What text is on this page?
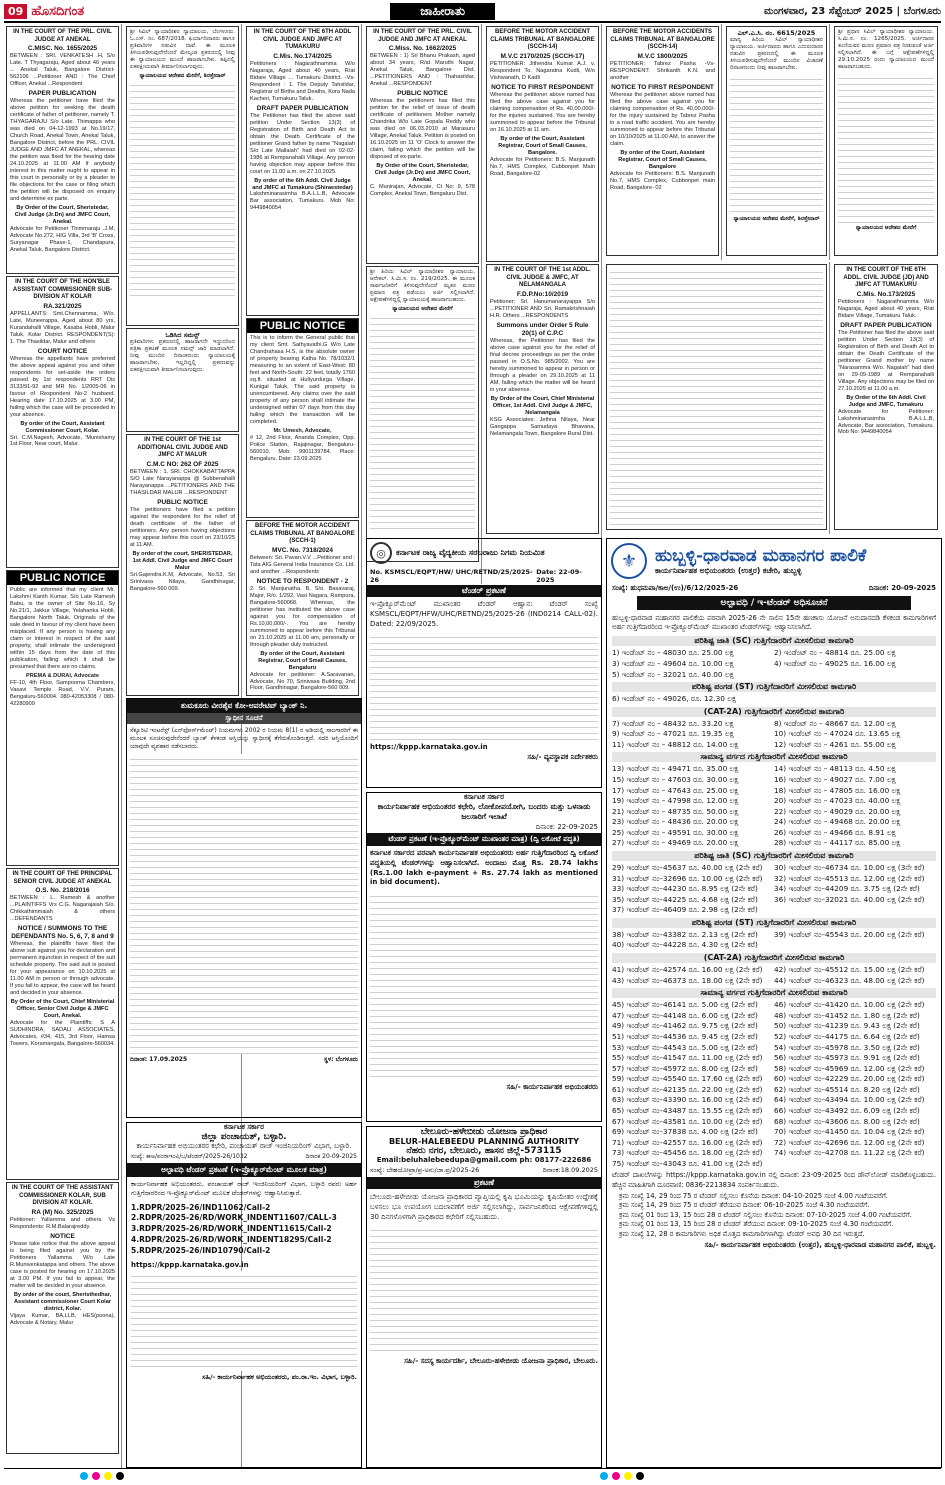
09 ಹೊಸದಿಗಂತ	ಜಾಹೀರಾತು	ಮಂಗಳವಾರ, 23 ಸೆಪ್ಟೆಂಬರ್ 2025 | ಬೆಂಗಳೂರು
IN THE COURT OF THE PRL. CIVIL JUDGE AT ANEKAL
C.MISC. No. 1655/2025

BETWEEN : SRI. VENKATESH .H, S/o Late. T Thyagaraju, Aged about 46 years ... Anekal Taluk, Bangalore District-562106 ...Petitioner AND : The Chief Officer, Anekal ...Respondent

PAPER PUBLICATION

Whereas the petitioner have filed the above petition for seeking the death certificate of father of petitioner, namely T. THYAGARAJU S/o Late. Thimappa who was died on 04-12-1993 at No.19/17, Church Road, Anekal Town, Anekal Taluk, Bangalore District, before the PRL. CIVIL JUDGE AND JMFC AT ANEKAL, whereas the petition was fixed for the hearing date 24.10.2025 at 11.00 AM if anybody interest in this matter ought to appear in this court in personally or by a pleader to file objections for the case or filing which the petition will be disposed on enquiry and determine ex parte.

By Order of the Court, Sheristedar, Civil Judge (Jr.Dn) and JMFC Court, Anekal.
Advocate for Petitioner Thimmaraju .J.M, Advocate No.272, HIG Villa, 3rd 'B' Cross, Suryanagar Phase-1, Chandapura, Anekal Taluk, Bangalore District.
IN THE COURT OF THE HON'BLE ASSISTANT COMMISSIONER SUB-DIVISION AT KOLAR
RA.321/2025

APPELLANTS: Smt.Chennamma, W/o. Late, Muneerappa, Aged about 80 yrs, Kurandahalli Village, Kasaba Hobli, Malur Taluk, Kolar District. RESPONDENT(S): 1. The Thasildar, Malur and others

COURT NOTICE

Whereas the appellants have preferred the above appeal against you and other respondents for set-aside the orders passed by 1st respondents RRT Dis 3133/91-92 and MR No. 1/2005-06 in favour of Respondent No-2 husband. Hearing date 17.10.2025 at 3.00 PM, failing which the case will be proceeded in your absence.

By order of the Court, Assistant Commissioner Court, Kolar.
Sri. C.M.Nagesh, Advocate, 'Munishamy 1st Floor, Near court, Malur.
PUBLIC NOTICE

Public are informed that my client Mr. Lakshmi Kanth Kumar, S/o Late Ramesh Babu, is the owner of Site No.16, Sy No.21/1, Jakkur Village, Yelahanka Hobli, Bangalore North Taluk. Originals of the sale deed in favour of my client have been misplaced. If any person is having any claim or interest in respect of the said property, shall intimate the undersigned within 15 days from the date of this publication, failing which it shall be presumed that there are no claims.

PREMA & DURAI, Advocate

FF-10, 4th Floor, Sampoorna Chambers, Vasavi Temple Road, V.V. Puram, Bengaluru-560004. 080-42053308 / 080-42280909

IN THE COURT OF THE PRINCIPAL SENIOR CIVIL JUDGE AT ANEKAL
O.S. No. 218/2016

BETWEEN : L. Ramesh & another ...PLAINTIFFS Vrs C.G. Nagarajaiah S/o. Chikkathimmaiah & others ...DEFENDANTS

NOTICE / SUMMONS TO THE DEFENDANTS No. 5, 6, 7, 8 and 9

Whereas, the plaintiffs have filed the above suit against you for declaration and permanent injunction in respect of the suit schedule property. The said suit is posted for your appearance on 10.10.2025 at 11.00 AM in person or through advocate. If you fail to appear, the case will be heard and decided in your absence.

By Order of the Court, Chief Ministerial Officer, Senior Civil Judge & JMFC Court, Anekal.
Advocate for the Plaintiffs: S A SUDHINDRA, SADALI ASSOCIATES, Advocates, #34, 415, 3rd Floor, Hamsa Towers, Koramangala, Bangalore-560034.
IN THE COURT OF THE ASSISTANT COMMISSIONER KOLAR, SUB DIVISION AT KOLAR.
RA (M) No. 325/2025

Petitioner: Yallamma and others. Vs Respondents: R.M.Balarajreddy.

NOTICE

Please take notice that the above appeal is being filed against you by the Petitioners Yallamma W/o Late R.Munivenkatappa and others. The above case is posted for hearing on 17.10.2025 at 3.00 PM. If you fail to appear, the matter will be decided in your absence.

By order of the court, Sheristhedhar, Assistant commissioner Court Kolar district, Kolar.
Vijaya Kumar, BA,LLB, HES(poona), Advocate & Notary, Malur

ಶ್ರೀ ಸಿವಿಲ್ ನ್ಯಾಯಾಧೀಶರ ನ್ಯಾಯಾಲಯ, ಬೆಂಗಳೂರು. ಓ.ಎಸ್. ನಂ. 687/2018. ಫಿರ್ಯಾದಿದಾರರು ಹಾಗೂ ಪ್ರತಿವಾದಿಗಳ ನಡುವಿನ ದಾವೆ. ಈ ಮೂಲಕ ತಿಳಿಯಪಡಿಸುವುದೇನೆಂದರೆ ಮೇಲ್ಕಂಡ ಪ್ರಕರಣದಲ್ಲಿ ನೀವು ಈ ನ್ಯಾಯಾಲಯದ ಮುಂದೆ ಹಾಜರಾಗಬೇಕು. ತಪ್ಪಿದಲ್ಲಿ ಏಕಪಕ್ಷೀಯವಾಗಿ ತೀರ್ಮಾನಿಸಲಾಗುವುದು.

ನ್ಯಾಯಾಲಯದ ಆದೇಶದ ಮೇರೆಗೆ, ಶಿರಸ್ತೇದಾರ್
ಒಡಿಸಿದ ಸಮನ್ಸ್

ಪ್ರತಿವಾದಿಗಳು ಪ್ರಕರಣದಲ್ಲಿ ಹಾಜರಾಗದೇ ಇದ್ದುದರಿಂದ ಪತ್ರಿಕಾ ಪ್ರಕಟಣೆ ಮೂಲಕ ಸಮನ್ಸ್ ಜಾರಿ ಮಾಡಲಾಗಿದೆ. ನೀವು ಮುಂದಿನ ದಿನಾಂಕದಂದು ನ್ಯಾಯಾಲಯಕ್ಕೆ ಹಾಜರಾಗಬೇಕು, ಇಲ್ಲದಿದ್ದಲ್ಲಿ ಪ್ರಕರಣವನ್ನು ಏಕಪಕ್ಷೀಯವಾಗಿ ತೀರ್ಮಾನಿಸಲಾಗುವುದು.

IN THE COURT OF THE 1st ADDITIONAL CIVIL JUDGE AND JMFC AT MALUR
C.M.C NO: 262 OF 2025

BETWEEN : 1. SRI. CHOKKABATTAPPA S/O Late Narayanappa @ Subbenahalli Narayanappa ...PETITIONERS AND THE THASILDAR MALUR ...RESPONDENT

PUBLIC NOTICE

The petitioners have filed a petition against the respondent for the relief of death certificate of the father of petitioners. Any person having objections may appear before this court on 23/10/25 at 11 AM.

By order of the court, SHERISTEDAR, 1st Addl. Civil Judge and JMFC Court Malur
Sri.Gajendra.K.M, Advocate, No.53, Sri Srinivasa Nilaya, Gandhinagar, Bangalore-560 009.
IN THE COURT OF THE 6TH ADDL CIVIL JUDGE AND JMFC AT TUMAKURU
C.Mis. No.174/2025

Petitioners : Nagarathnamma W/o Nagaraja, Aged about 40 years, R/at Bidare Village ... Tumakuru District. -Vs- Respondent : 1. The Deputy Tahsildar, Registrar of Births and Deaths, Kora Nada Kacheri, Tumakuru Taluk.

DRAFT PAPER PUBLICATION

The Petitioner has filed the above said petition Under Section 13(3) of Registration of Birth and Death Act to obtain the Death Certificate of the petitioner Grand father by name "Nagaiah S/o Late Mallaiah" had died on 02-02-1986 at Rempanahalli Village. Any person having objection may appear before this court on 11.00 a.m. on 27.10.2025.

By order of the 6th Addl. Civil Judge and JMFC at Tumakuru (Shiraestedar)
Lakshminarasimha B.A.L.L.B, Advocate Bar association, Tumakuru. Mob No: 9449840054
PUBLIC NOTICE

This is to inform the General public that my client Smt. Sathyavathi.G W/o Late Chandrahasa H.S, is the absolute owner of property bearing Katha No. 78/1032/1 measuring to an extent of East-West: 80 feet and North-South: 22 feet, totally 1760 sq.ft. situated at Huliyurdurga Village, Kunigal Taluk. The said property is unencumbered. Any claims over the said property of any person shall intimate the undersigned within 07 days from this day failing which the transaction will be completed.

Mr. Umesh, Advocate,

# 12, 2nd Floor, Ananda Complex, Opp. Police Station, Rajajinagar, Bengaluru-560010. Mob: 9901139784. Place: Bengaluru. Date: 23.09.2025

BEFORE THE MOTOR ACCIDENT CLAIMS TRIBUNAL AT BANGALORE (SCCH-1)
MVC. No. 7318/2024

Between: Sri. Pavan.V.V ...Petitioner and : Tata AIG General India Insurance Co. Ltd. and another ...Respondents

NOTICE TO RESPONDENT - 2

2. Sri. Manjunatha. B, S/o. Basavaraj, Major, R/o. 1/292, Vasi Nagara, Rampura, Bangalore-560068. Whereas, the petitioner has instituted the above case against you for compensation of Rs.10,00,000/-. You are hereby summoned to appear before this Tribunal on 21.10.2025 at 11.00 am, personally or through pleader duly instructed.

By order of the Court, Assistant Registrar, Court of Small Causes, Bengaluru
Advocate for petitioner: A.Saravanan, Advocate, No 70, Srinivasa Building, 2nd Floor, Gandhinagar, Bangalore-560 009.
ತುಮಕೂರು ವೀರಶೈವ ಕೋ-ಆಪರೇಟಿವ್ ಬ್ಯಾಂಕ್ ನಿ.
ಸ್ವಾಧೀನ ಸೂಚನೆ
ಸೆಕ್ಯೂರಿಟಿ ಇಂಟರೆಸ್ಟ್ (ಎನ್‌ಫೋರ್ಸ್‌ಮೆಂಟ್) ನಿಯಮಗಳು 2002 ರ ನಿಯಮ 8(1) ರ ಅಡಿಯಲ್ಲಿ ಸಾಲಗಾರರಿಗೆ ಈ ಮೂಲಕ ಸೂಚಿಸುವುದೇನೆಂದರೆ ಬ್ಯಾಂಕ್ ಕೆಳಕಂಡ ಆಸ್ತಿಯನ್ನು ಸ್ವಾಧೀನಕ್ಕೆ ತೆಗೆದುಕೊಂಡಿರುತ್ತದೆ. ಸದರಿ ಆಸ್ತಿಯೊಂದಿಗೆ ಯಾವುದೇ ವ್ಯವಹಾರ ನಡೆಸಬಾರದು.
ದಿನಾಂಕ: 17.09.2025	ಸ್ಥಳ: ಬೆಂಗಳೂರು
ಕರ್ನಾಟಕ ಸರ್ಕಾರ
ಜಿಲ್ಲಾ ಪಂಚಾಯತ್, ಬಳ್ಳಾರಿ.
ಕಾರ್ಯನಿರ್ವಾಹಕ ಅಭಿಯಂತರರ ಕಛೇರಿ, ಪಂಚಾಯತ್ ರಾಜ್ ಇಂಜಿನಿಯರಿಂಗ್ ವಿಭಾಗ, ಬಳ್ಳಾರಿ.
ಸಂಖ್ಯೆ: ಕಾಅ/ಪಂರಾಇಂವಿ/ಬ/ಟೆಂಡರ್/2025-26/1032	ದಿನಾಂಕ 20-09-2025
ಅಲ್ಪಾವಧಿ ಟೆಂಡರ್ ಪ್ರಕಟಣೆ (ಇ-ಪ್ರೊಕ್ಯೂರ್‌ಮೆಂಟ್ ಮೂಲಕ ಮಾತ್ರ)
ಕಾರ್ಯನಿರ್ವಾಹಕ ಅಭಿಯಂತರರು, ಪಂಚಾಯತ್ ರಾಜ್ ಇಂಜಿನಿಯರಿಂಗ್ ವಿಭಾಗ, ಬಳ್ಳಾರಿ ರವರು ಅರ್ಹ ಗುತ್ತಿಗೆದಾರರಿಂದ ಇ-ಪ್ರೊಕ್ಯೂರ್‌ಮೆಂಟ್ ಮೂಲಕ ಟೆಂಡರ್‌ಗಳನ್ನು ಆಹ್ವಾನಿಸಿರುತ್ತಾರೆ.
1.RDPR/2025-26/IND11062/Call-2
2.RDPR/2025-26/RD/WORK_INDENT11607/CALL-3
3.RDPR/2025-26/RD/WORK_INDENT11615/Call-2
4.RDPR/2025-26/RD/WORK_INDENT18295/Call-2
5.RDPR/2025-26/IND10790/Call-2
https://kppp.karnataka.gov.in
ಸಹಿ/- ಕಾರ್ಯನಿರ್ವಾಹಕ ಅಭಿಯಂತರರು, ಪಂ.ರಾ.ಇಂ. ವಿಭಾಗ, ಬಳ್ಳಾರಿ.
IN THE COURT OF THE PRL. CIVIL JUDGE AND JMFC AT ANEKAL
C.Miss. No. 1662/2025

BETWEEN : 1) Sri Bhanu Prakash, aged about 34 years, R/at Maruthi Nagar, Anekal Taluk, Bangalore Dist. ...PETITIONERS AND : Thahasildar, Anekal ...RESPONDENT

PUBLIC NOTICE

Whereas the petitioners has filed this petition for the relief of issue of death certificate of petitioners Mother namely Chandrika W/o Late Gopala Reddy who was died on 06.03.2010 at Marasuru Village, Anekal Taluk. Petition is posted on 16.10.2025 on 11 'O' Clock to answer the claim, failing which the petition will be disposed of ex-parte.

By Order of the Court, Sheristedar, Civil Judge (Jr.Dn) and JMFC Court, Anekal.
C. Munirajan, Advocate, Ct No: 9, 578 Complex, Anekal Town, Bengaluru Dist.

ಶ್ರೀ ಹಿರಿಯ ಸಿವಿಲ್ ನ್ಯಾಯಾಧೀಶರ ನ್ಯಾಯಾಲಯ, ಆನೇಕಲ್. ಸಿ.ಮಿ.ಸ. ನಂ. 219/2025. ಈ ಮೂಲಕ ಸಾರ್ವಜನಿಕರಿಗೆ ತಿಳಿಸುವುದೇನೆಂದರೆ ಮೃತರ ಮರಣ ಪ್ರಮಾಣ ಪತ್ರ ಪಡೆಯಲು ಅರ್ಜಿ ಸಲ್ಲಿಸಲಾಗಿದೆ. ಆಕ್ಷೇಪಣೆಗಳಿದ್ದಲ್ಲಿ ನ್ಯಾಯಾಲಯಕ್ಕೆ ಹಾಜರಾಗಬಹುದು.

ನ್ಯಾಯಾಲಯದ ಆದೇಶದ ಮೇರೆಗೆ
BEFORE THE MOTOR ACCIDENT CLAIMS TRIBUNAL AT BANGALORE (SCCH-14)
M.V.C 2170/2025 (SCCH-17)

PETITIONER: Jithendra Kumar A.J. v. Respondent To. Nagaratna Kudli, W/o Vishwanath, D Kadli

NOTICE TO FIRST RESPONDENT

Whereas the petitioner above named has filed the above case against you for claiming compensation of Rs. 40,00,000/- for the injuries sustained. You are hereby summoned to appear before the Tribunal on 16.10.2025 at 11 am.

By order of the Court, Assistant Registrar, Court of Small Causes, Bangalore.
Advocate for Petitioners: B.S. Manjunath No.7, HMS Complex, Cubbonpet Main Road, Bangalore-02
IN THE COURT OF THE 1st ADDL. CIVIL JUDGE & JMFC, AT NELAMANGALA
F.D.P.No:10/2019

Petitioner: Sri. Hanumanarayappa S/o ...PETITIONER AND Sri. Ramakrishnaiah H.R. Others ...RESPONDENTS

Summons under Order 5 Rule 20(1) of C.P.C

Whereas, the Petitioner has filed the above case against you for the relief of final decree proceedings as per the order passed in O.S.No. 985/2002. You are hereby summoned to appear in person or through a pleader on 29.10.2025 at 11 AM, failing which the matter will be heard in your absence.

By Order of the Court, Chief Ministerial Officer, 1st Addl. Civil Judge & JMFC, Nelamangala
KSG Associates: Jethna Nilaya, Near Gangappa Samudaya Bhavana, Nelamangala Town, Bangalore Rural Dist.
BEFORE THE MOTOR ACCIDENTS CLAIMS TRIBUNAL AT BANGALORE (SCCH-14)
M.V.C 1800/2025

PETITIONER: Tabrez Pasha -Vs- RESPONDENT: Shrikanth K.N. and another

NOTICE TO FIRST RESPONDENT

Whereas the petitioner above named has filed the above case against you for claiming compensation of Rs. 40,00,000/- for the injury sustained by Tabrez Pasha in a road traffic accident. You are hereby summoned to appear before this Tribunal on 10/10/2025 at 11.00 AM, to answer the claim.

By order of the Court, Assistant Registrar, Court of Small Causes, Bangalore
Advocate for Petitioners: B.S. Manjunath No.7, HMS Complex, Cubbonpet main Road, Bangalore- 02
ಎಲ್.ಎ.ಸಿ. ನಂ. 6615/2025

ಮಾನ್ಯ ಹಿರಿಯ ಸಿವಿಲ್ ನ್ಯಾಯಾಧೀಶರ ನ್ಯಾಯಾಲಯ. ಅರ್ಜಿದಾರರು ಹಾಗೂ ಎದುರುದಾರರ ನಡುವಿನ ಪ್ರಕರಣದಲ್ಲಿ ಈ ಮೂಲಕ ತಿಳಿಯಪಡಿಸುವುದೇನೆಂದರೆ ಮುಂದಿನ ವಿಚಾರಣೆ ದಿನಾಂಕದಂದು ನೀವು ಹಾಜರಾಗಬೇಕು.

ನ್ಯಾಯಾಲಯದ ಆದೇಶದ ಮೇರೆಗೆ, ಶಿರಸ್ತೇದಾರ್

ಶ್ರೀ ಪ್ರಧಾನ ಸಿವಿಲ್ ನ್ಯಾಯಾಧೀಶರ ನ್ಯಾಯಾಲಯ. ಸಿ.ಮಿ.ಸ. ನಂ. 1265/2025. ಅರ್ಜಿದಾರರ ತಂದೆಯವರ ಮರಣ ಪ್ರಮಾಣ ಪತ್ರ ನೀಡುವಂತೆ ಅರ್ಜಿ ಸಲ್ಲಿಸಲಾಗಿದೆ. ಈ ಬಗ್ಗೆ ಆಕ್ಷೇಪಣೆಗಳಿದ್ದಲ್ಲಿ 29.10.2025 ರಂದು ನ್ಯಾಯಾಲಯದ ಮುಂದೆ ಹಾಜರಾಗಬಹುದು.

ನ್ಯಾಯಾಲಯದ ಆದೇಶದ ಮೇರೆಗೆ
IN THE COURT OF THE 6TH ADDL. CIVIL JUDGE (JD) AND JMFC AT TUMAKURU
C.Mis. No.173/2025

Petitioners : Nagarathnamma W/o Nagaraja, Aged about 40 years, R/at Bidare Village, Tumakuru Taluk.

DRAFT PAPER PUBLICATION

The Petitioner has filed the above said petition Under Section 13(3) of Registration of Birth and Death Act to obtain the Death Certificate of the petitioner Grand mother by name "Narasamma W/o. Nagaiah" had died on 29-09-1989 at Rempanahalli Village. Any objections may be filed on 27.10.2025 at 11.00 a.m.

By Order of the 6th Addl. Civil Judge and JMFC, Tumakuru
Advocate for Petitioner: Lakshminarasimha B.A.L.L.B, Advocate, Bar association, Tumakuru. Mob No: 9449840054
◎	ಕರ್ನಾಟಕ ರಾಜ್ಯ ವೈದ್ಯಕೀಯ ಸರಬರಾಜು ನಿಗಮ ನಿಯಮಿತ
No. KSMSCL/EQPT/HW/ UHC/RETND/25/2025-26
Date: 22-09-2025
ಟೆಂಡರ್ ಪ್ರಕಟಣೆ
ಇ-ಪ್ರೊಕ್ಯೂರ್‌ಮೆಂಟ್ ಮುಖಾಂತರ ಟೆಂಡರ್ ಆಹ್ವಾನ: ಟೆಂಡರ್ ಸಂಖ್ಯೆ KSMSCL/EQPT/HFW/UHC/RETND/25/2025-26 (IND0214 CALL-02). Dated: 22/09/2025.
https://kppp.karnataka.gov.in
ಸಹಿ/- ವ್ಯವಸ್ಥಾಪಕ ನಿರ್ದೇಶಕರು
ಕರ್ನಾಟಕ ಸರ್ಕಾರ
ಕಾರ್ಯನಿರ್ವಾಹಕ ಅಭಿಯಂತರರ ಕಛೇರಿ, ಲೋಕೋಪಯೋಗಿ, ಬಂದರು ಮತ್ತು ಒಳನಾಡು ಜಲಸಾರಿಗೆ ಇಲಾಖೆ
ದಿನಾಂಕ: 22-09-2025
ಟೆಂಡರ್ ಪ್ರಕಟಣೆ (ಇ-ಪ್ರೊಕ್ಯೂರ್‌ಮೆಂಟ್ ಮುಖಾಂತರ ಮಾತ್ರ) (ದ್ವಿ ಲಕೋಟೆ ಪದ್ಧತಿ)
ಕರ್ನಾಟಕ ಸರ್ಕಾರದ ಪರವಾಗಿ ಕಾರ್ಯನಿರ್ವಾಹಕ ಅಭಿಯಂತರರು ಅರ್ಹ ಗುತ್ತಿಗೆದಾರರಿಂದ ದ್ವಿ ಲಕೋಟೆ ಪದ್ಧತಿಯಲ್ಲಿ ಟೆಂಡರ್‌ಗಳನ್ನು ಆಹ್ವಾನಿಸಲಾಗಿದೆ. ಅಂದಾಜು ಮೊತ್ತ Rs. 28.74 lakhs (Rs.1.00 lakh e-payment + Rs. 27.74 lakh as mentioned in bid document).
ಸಹಿ/- ಕಾರ್ಯನಿರ್ವಾಹಕ ಅಭಿಯಂತರರು
ಬೇಲೂರು-ಹಳೇಬೀಡು ಯೋಜನಾ ಪ್ರಾಧಿಕಾರ
BELUR-HALEBEEDU PLANNING AUTHORITY
ನೆಹರು ನಗರ, ಬೇಲೂರು, ಹಾಸನ ಜಿಲ್ಲೆ-573115
Email:beluhalebeedupa@gmail.com ph: 08177-222686
ಸಂಖ್ಯೆ: ಬೇಹಯೋಪ್ರಾ/ಪ್ರ-ಅನು/ಜಾ.ಪ್ರ/2025-26	ದಿನಾಂಕ:18.09.2025
ಪ್ರಕಟಣೆ
ಬೇಲೂರು-ಹಳೇಬೀಡು ಯೋಜನಾ ಪ್ರಾಧಿಕಾರದ ವ್ಯಾಪ್ತಿಯಲ್ಲಿ ಕೃಷಿ ಭೂಮಿಯನ್ನು ಕೃಷಿಯೇತರ ಉದ್ದೇಶಕ್ಕೆ ಬಳಸಲು ಭೂ ಉಪಯೋಗ ಬದಲಾವಣೆಗೆ ಅರ್ಜಿ ಸಲ್ಲಿಸಲಾಗಿದ್ದು, ಸಾರ್ವಜನಿಕರಿಂದ ಆಕ್ಷೇಪಣೆಗಳಿದ್ದಲ್ಲಿ 30 ದಿನಗಳೊಳಗಾಗಿ ಪ್ರಾಧಿಕಾರದ ಕಛೇರಿಗೆ ಸಲ್ಲಿಸಬಹುದು.
ಸಹಿ/- ಸದಸ್ಯ ಕಾರ್ಯದರ್ಶಿ, ಬೇಲೂರು-ಹಳೇಬೀಡು ಯೋಜನಾ ಪ್ರಾಧಿಕಾರ, ಬೇಲೂರು.
⚜	ಹುಬ್ಬಳ್ಳಿ-ಧಾರವಾಡ ಮಹಾನಗರ ಪಾಲಿಕೆ
ಕಾರ್ಯನಿರ್ವಾಹಕ ಅಭಿಯಂತರರು (ಉತ್ತರ) ಕಚೇರಿ, ಹುಬ್ಬಳ್ಳಿ
ಸಂಖ್ಯೆ: ಹುಧಮಪಾ/ಕಾಅ/(ಉ)/6/12/2025-26	ದಿನಾಂಕ: 20-09-2025
ಅಲ್ಪಾವಧಿ / ಇ-ಟೆಂಡರ್ ಅಧಿಸೂಚನೆ
ಹುಬ್ಬಳ್ಳಿ-ಧಾರವಾಡ ಮಹಾನಗರ ಪಾಲಿಕೆಯ ಪರವಾಗಿ 2025-26 ನೇ ಸಾಲಿನ 15ನೇ ಹಣಕಾಸು ಯೋಜನೆ ಅನುದಾನದಡಿ ಕೆಳಕಂಡ ಕಾಮಗಾರಿಗಳಿಗೆ ಅರ್ಹ ಗುತ್ತಿಗೆದಾರರಿಂದ ಇ-ಪ್ರೊಕ್ಯೂರ್‌ಮೆಂಟ್ ಮುಖಾಂತರ ಟೆಂಡರ್‌ಗಳನ್ನು ಆಹ್ವಾನಿಸಲಾಗಿದೆ.
ಪರಿಶಿಷ್ಟ ಜಾತಿ (SC) ಗುತ್ತಿಗೆದಾರರಿಗೆ ಮೀಸಲಿರುವ ಕಾಮಗಾರಿ
1) ಇಂಡೆಂಟ್ ನಂ – 48030 ರೂ. 25.00 ಲಕ್ಷ	2) ಇಂಡೆಂಟ್ ನಂ – 48814 ರೂ. 25.00 ಲಕ್ಷ
3) ಇಂಡೆಂಟ್ ನಂ – 49604 ರೂ. 10.00 ಲಕ್ಷ	4) ಇಂಡೆಂಟ್ ನಂ – 49025 ರೂ. 16.00 ಲಕ್ಷ
5) ಇಂಡೆಂಟ್ ನಂ – 32021 ರೂ. 40.00 ಲಕ್ಷ
ಪರಿಶಿಷ್ಟ ಪಂಗಡ (ST) ಗುತ್ತಿಗೆದಾರರಿಗೆ ಮೀಸಲಿರುವ ಕಾಮಗಾರಿ
6) ಇಂಡೆಂಟ್ ನಂ – 49026, ರೂ. 12.30 ಲಕ್ಷ
(CAT-2A) ಗುತ್ತಿಗೆದಾರರಿಗೆ ಮೀಸಲಿರುವ ಕಾಮಗಾರಿ
7) ಇಂಡೆಂಟ್ ನಂ – 48432 ರೂ. 33.20 ಲಕ್ಷ	8) ಇಂಡೆಂಟ್ ನಂ – 48667 ರೂ. 12.00 ಲಕ್ಷ
9) ಇಂಡೆಂಟ್ ನಂ – 47021 ರೂ. 19.35 ಲಕ್ಷ	10) ಇಂಡೆಂಟ್ ನಂ – 47024 ರೂ. 13.65 ಲಕ್ಷ
11) ಇಂಡೆಂಟ್ ನಂ – 48812 ರೂ. 14.00 ಲಕ್ಷ	12) ಇಂಡೆಂಟ್ ನಂ – 4261 ರೂ. 55.00 ಲಕ್ಷ
ಸಾಮಾನ್ಯ ವರ್ಗದ ಗುತ್ತಿಗೆದಾರರಿಗೆ ಮೀಸಲಿರುವ ಕಾಮಗಾರಿ
13) ಇಂಡೆಂಟ್ ನಂ – 49471 ರೂ. 35.00 ಲಕ್ಷ	14) ಇಂಡೆಂಟ್ ನಂ – 48113 ರೂ. 4.50 ಲಕ್ಷ
15) ಇಂಡೆಂಟ್ ನಂ – 47603 ರೂ. 30.00 ಲಕ್ಷ	16) ಇಂಡೆಂಟ್ ನಂ – 49027 ರೂ. 7.00 ಲಕ್ಷ
17) ಇಂಡೆಂಟ್ ನಂ – 47643 ರೂ. 25.00 ಲಕ್ಷ	18) ಇಂಡೆಂಟ್ ನಂ – 47805 ರೂ. 16.00 ಲಕ್ಷ
19) ಇಂಡೆಂಟ್ ನಂ – 47998 ರೂ. 12.00 ಲಕ್ಷ	20) ಇಂಡೆಂಟ್ ನಂ – 47023 ರೂ. 40.00 ಲಕ್ಷ
21) ಇಂಡೆಂಟ್ ನಂ – 48735 ರೂ. 50.00 ಲಕ್ಷ	22) ಇಂಡೆಂಟ್ ನಂ – 49029 ರೂ. 20.00 ಲಕ್ಷ
23) ಇಂಡೆಂಟ್ ನಂ – 48436 ರೂ. 20.00 ಲಕ್ಷ	24) ಇಂಡೆಂಟ್ ನಂ – 49468 ರೂ. 20.00 ಲಕ್ಷ
25) ಇಂಡೆಂಟ್ ನಂ – 49591 ರೂ. 30.00 ಲಕ್ಷ	26) ಇಂಡೆಂಟ್ ನಂ – 49466 ರೂ. 8.91 ಲಕ್ಷ
27) ಇಂಡೆಂಟ್ ನಂ – 49469 ರೂ. 20.00 ಲಕ್ಷ	28) ಇಂಡೆಂಟ್ ನಂ – 44117 ರೂ. 85.00 ಲಕ್ಷ
ಪರಿಶಿಷ್ಟ ಜಾತಿ (SC) ಗುತ್ತಿಗೆದಾರರಿಗೆ ಮೀಸಲಿರುವ ಕಾಮಗಾರಿ
29) ಇಂಡೆಂಟ್ ನಂ–45637 ರೂ. 40.00 ಲಕ್ಷ (2ನೇ ಕರೆ)	30) ಇಂಡೆಂಟ್ ನಂ–46734 ರೂ. 10.00 ಲಕ್ಷ (3ನೇ ಕರೆ)
31) ಇಂಡೆಂಟ್ ನಂ–32696 ರೂ. 10.00 ಲಕ್ಷ (2ನೇ ಕರೆ)	32) ಇಂಡೆಂಟ್ ನಂ–45513 ರೂ. 12.00 ಲಕ್ಷ (2ನೇ ಕರೆ)
33) ಇಂಡೆಂಟ್ ನಂ–44230 ರೂ. 8.95 ಲಕ್ಷ (2ನೇ ಕರೆ)	34) ಇಂಡೆಂಟ್ ನಂ–44209 ರೂ. 3.75 ಲಕ್ಷ (2ನೇ ಕರೆ)
35) ಇಂಡೆಂಟ್ ನಂ–44225 ರೂ. 4.68 ಲಕ್ಷ (2ನೇ ಕರೆ)	36) ಇಂಡೆಂಟ್ ನಂ–32021 ರೂ. 40.00 ಲಕ್ಷ (2ನೇ ಕರೆ)
37) ಇಂಡೆಂಟ್ ನಂ–46409 ರೂ. 2.98 ಲಕ್ಷ (2ನೇ ಕರೆ)
ಪರಿಶಿಷ್ಟ ಪಂಗಡ (ST) ಗುತ್ತಿಗೆದಾರರಿಗೆ ಮೀಸಲಿರುವ ಕಾಮಗಾರಿ
38) ಇಂಡೆಂಟ್ ನಂ–43382 ರೂ. 2.13 ಲಕ್ಷ (2ನೇ ಕರೆ)	39) ಇಂಡೆಂಟ್ ನಂ–45543 ರೂ. 20.00 ಲಕ್ಷ (2ನೇ ಕರೆ)
40) ಇಂಡೆಂಟ್ ನಂ–44228 ರೂ. 4.30 ಲಕ್ಷ (2ನೇ ಕರೆ)
(CAT-2A) ಗುತ್ತಿಗೆದಾರರಿಗೆ ಮೀಸಲಿರುವ ಕಾಮಗಾರಿ
41) ಇಂಡೆಂಟ್ ನಂ–42574 ರೂ. 16.00 ಲಕ್ಷ (2ನೇ ಕರೆ)	42) ಇಂಡೆಂಟ್ ನಂ–45512 ರೂ. 15.00 ಲಕ್ಷ (2ನೇ ಕರೆ)
43) ಇಂಡೆಂಟ್ ನಂ–46373 ರೂ. 18.00 ಲಕ್ಷ (2ನೇ ಕರೆ)	44) ಇಂಡೆಂಟ್ ನಂ–46323 ರೂ. 48.00 ಲಕ್ಷ (2ನೇ ಕರೆ)
ಸಾಮಾನ್ಯ ವರ್ಗದ ಗುತ್ತಿಗೆದಾರರಿಗೆ ಮೀಸಲಿರುವ ಕಾಮಗಾರಿ
45) ಇಂಡೆಂಟ್ ನಂ–46141 ರೂ. 5.00 ಲಕ್ಷ (2ನೇ ಕರೆ)	46) ಇಂಡೆಂಟ್ ನಂ–41420 ರೂ. 10.00 ಲಕ್ಷ (2ನೇ ಕರೆ)
47) ಇಂಡೆಂಟ್ ನಂ–44148 ರೂ. 6.00 ಲಕ್ಷ (2ನೇ ಕರೆ)	48) ಇಂಡೆಂಟ್ ನಂ–41452 ರೂ. 1.80 ಲಕ್ಷ (2ನೇ ಕರೆ)
49) ಇಂಡೆಂಟ್ ನಂ–41462 ರೂ. 9.75 ಲಕ್ಷ (2ನೇ ಕರೆ)	50) ಇಂಡೆಂಟ್ ನಂ–41239 ರೂ. 9.43 ಲಕ್ಷ (2ನೇ ಕರೆ)
51) ಇಂಡೆಂಟ್ ನಂ–44536 ರೂ. 9.45 ಲಕ್ಷ (2ನೇ ಕರೆ)	52) ಇಂಡೆಂಟ್ ನಂ–44175 ರೂ. 6.64 ಲಕ್ಷ (2ನೇ ಕರೆ)
53) ಇಂಡೆಂಟ್ ನಂ–44543 ರೂ. 5.00 ಲಕ್ಷ (2ನೇ ಕರೆ)	54) ಇಂಡೆಂಟ್ ನಂ–45978 ರೂ. 3.50 ಲಕ್ಷ (2ನೇ ಕರೆ)
55) ಇಂಡೆಂಟ್ ನಂ–41547 ರೂ. 11.00 ಲಕ್ಷ (2ನೇ ಕರೆ)	56) ಇಂಡೆಂಟ್ ನಂ–45973 ರೂ. 9.91 ಲಕ್ಷ (2ನೇ ಕರೆ)
57) ಇಂಡೆಂಟ್ ನಂ–45972 ರೂ. 8.00 ಲಕ್ಷ (2ನೇ ಕರೆ)	58) ಇಂಡೆಂಟ್ ನಂ–45969 ರೂ. 12.00 ಲಕ್ಷ (2ನೇ ಕರೆ)
59) ಇಂಡೆಂಟ್ ನಂ–45540 ರೂ. 17.60 ಲಕ್ಷ (2ನೇ ಕರೆ)	60) ಇಂಡೆಂಟ್ ನಂ–42229 ರೂ. 20.00 ಲಕ್ಷ (2ನೇ ಕರೆ)
61) ಇಂಡೆಂಟ್ ನಂ–42135 ರೂ. 22.00 ಲಕ್ಷ (2ನೇ ಕರೆ)	62) ಇಂಡೆಂಟ್ ನಂ–45514 ರೂ. 8.20 ಲಕ್ಷ (2ನೇ ಕರೆ)
63) ಇಂಡೆಂಟ್ ನಂ–43390 ರೂ. 16.00 ಲಕ್ಷ (2ನೇ ಕರೆ)	64) ಇಂಡೆಂಟ್ ನಂ–43494 ರೂ. 10.00 ಲಕ್ಷ (2ನೇ ಕರೆ)
65) ಇಂಡೆಂಟ್ ನಂ–43487 ರೂ. 15.55 ಲಕ್ಷ (2ನೇ ಕರೆ)	66) ಇಂಡೆಂಟ್ ನಂ–43492 ರೂ. 6.09 ಲಕ್ಷ (2ನೇ ಕರೆ)
67) ಇಂಡೆಂಟ್ ನಂ–43581 ರೂ. 10.00 ಲಕ್ಷ (2ನೇ ಕರೆ)	68) ಇಂಡೆಂಟ್ ನಂ–43606 ರೂ. 8.00 ಲಕ್ಷ (2ನೇ ಕರೆ)
69) ಇಂಡೆಂಟ್ ನಂ–37838 ರೂ. 4.00 ಲಕ್ಷ (2ನೇ ಕರೆ)	70) ಇಂಡೆಂಟ್ ನಂ–41450 ರೂ. 10.04 ಲಕ್ಷ (2ನೇ ಕರೆ)
71) ಇಂಡೆಂಟ್ ನಂ–42557 ರೂ. 16.00 ಲಕ್ಷ (2ನೇ ಕರೆ)	72) ಇಂಡೆಂಟ್ ನಂ–42696 ರೂ. 12.00 ಲಕ್ಷ (2ನೇ ಕರೆ)
73) ಇಂಡೆಂಟ್ ನಂ–45456 ರೂ. 18.00 ಲಕ್ಷ (2ನೇ ಕರೆ)	74) ಇಂಡೆಂಟ್ ನಂ–42708 ರೂ. 11.22 ಲಕ್ಷ (2ನೇ ಕರೆ)
75) ಇಂಡೆಂಟ್ ನಂ–43043 ರೂ. 41.00 ಲಕ್ಷ (2ನೇ ಕರೆ)
ಟೆಂಡರ್ ದಾಖಲೆಗಳನ್ನು https://kppp.karnataka.gov.in ನಲ್ಲಿ ದಿನಾಂಕ: 23-09-2025 ರಿಂದ ಡೌನ್‌ಲೋಡ್ ಮಾಡಿಕೊಳ್ಳಬಹುದು. ಹೆಚ್ಚಿನ ಮಾಹಿತಿಗಾಗಿ ದೂರವಾಣಿ: 0836-2213834 ಸಂಪರ್ಕಿಸಬಹುದು.
ಕ್ರಮ ಸಂಖ್ಯೆ 14, 29 ರಿಂದ 75 ರ ಟೆಂಡರ್ ಸಲ್ಲಿಸಲು ಕೊನೆಯ ದಿನಾಂಕ: 04-10-2025 ಸಂಜೆ 4.00 ಗಂಟೆಯವರೆಗೆ.
ಕ್ರಮ ಸಂಖ್ಯೆ 14, 29 ರಿಂದ 75 ರ ಟೆಂಡರ್ ತೆರೆಯುವ ದಿನಾಂಕ: 06-10-2025 ಸಂಜೆ 4.30 ಗಂಟೆಯವರೆಗೆ.
ಕ್ರಮ ಸಂಖ್ಯೆ 01 ರಿಂದ 13, 15 ರಿಂದ 28 ರ ಟೆಂಡರ್ ಸಲ್ಲಿಸಲು ಕೊನೆಯ ದಿನಾಂಕ: 07-10-2025 ಸಂಜೆ 4.00 ಗಂಟೆಯವರೆಗೆ.
ಕ್ರಮ ಸಂಖ್ಯೆ 01 ರಿಂದ 13, 15 ರಿಂದ 28 ರ ಟೆಂಡರ್ ತೆರೆಯುವ ದಿನಾಂಕ: 09-10-2025 ಸಂಜೆ 4.30 ಗಂಟೆಯವರೆಗೆ.
ಕ್ರಮ ಸಂಖ್ಯೆ 12, 28 ರ ಕಾಮಗಾರಿಗಳು ಅಧಿಕ ಮೊತ್ತದ ಕಾಮಗಾರಿಗಳಾಗಿದ್ದು ಟೆಂಡರ್ ಅವಧಿ 30 ದಿನ ಇರುತ್ತದೆ.
ಸಹಿ/- ಕಾರ್ಯನಿರ್ವಾಹಕ ಅಭಿಯಂತರರು (ಉತ್ತರ), ಹುಬ್ಬಳ್ಳಿ-ಧಾರವಾಡ ಮಹಾನಗರ ಪಾಲಿಕೆ, ಹುಬ್ಬಳ್ಳಿ.
